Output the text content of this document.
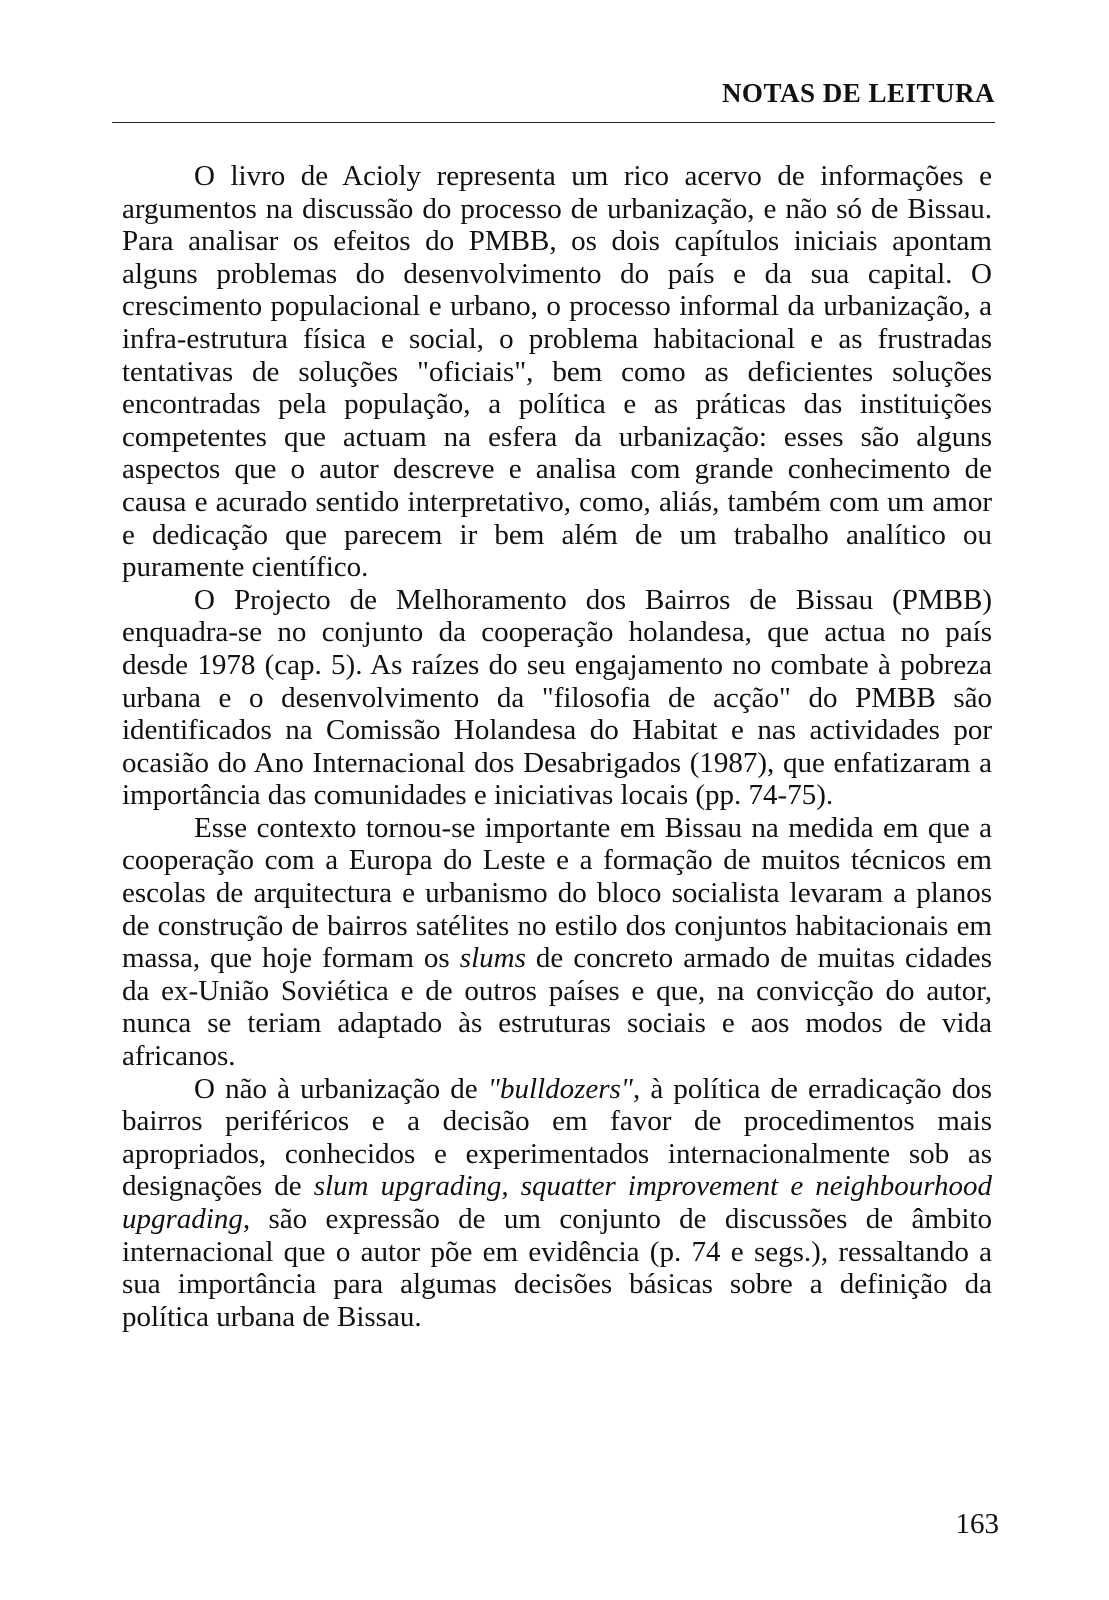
NOTAS DE LEITURA

O livro de Acioly representa um rico acervo de informações e argumentos na discussão do processo de urbanização, e não só de Bissau. Para analisar os efeitos do PMBB, os dois capítulos iniciais apontam alguns problemas do desenvolvimento do país e da sua capital. O crescimento populacional e urbano, o processo informal da urbanização, a infra-estrutura física e social, o problema habitacional e as frustradas tentativas de soluções "oficiais", bem como as deficientes soluções encontradas pela população, a política e as práticas das instituições competentes que actuam na esfera da urbanização: esses são alguns aspectos que o autor descreve e analisa com grande conhecimento de causa e acurado sentido interpretativo, como, aliás, também com um amor e dedicação que parecem ir bem além de um trabalho analítico ou puramente científico.

O Projecto de Melhoramento dos Bairros de Bissau (PMBB) enquadra-se no conjunto da cooperação holandesa, que actua no país desde 1978 (cap. 5). As raízes do seu engajamento no combate à pobreza urbana e o desenvolvimento da "filosofia de acção" do PMBB são identificados na Comissão Holandesa do Habitat e nas actividades por ocasião do Ano Internacional dos Desabrigados (1987), que enfatizaram a importância das comunidades e iniciativas locais (pp. 74-75).

Esse contexto tornou-se importante em Bissau na medida em que a cooperação com a Europa do Leste e a formação de muitos técnicos em escolas de arquitectura e urbanismo do bloco socialista levaram a planos de construção de bairros satélites no estilo dos conjuntos habitacionais em massa, que hoje formam os slums de concreto armado de muitas cidades da ex-União Soviética e de outros países e que, na convicção do autor, nunca se teriam adaptado às estruturas sociais e aos modos de vida africanos.

O não à urbanização de "bulldozers", à política de erradicação dos bairros periféricos e a decisão em favor de procedimentos mais apropriados, conhecidos e experimentados internacionalmente sob as designações de slum upgrading, squatter improvement e neighbourhood upgrading, são expressão de um conjunto de discussões de âmbito internacional que o autor põe em evidência (p. 74 e segs.), ressaltando a sua importância para algumas decisões básicas sobre a definição da política urbana de Bissau.

163
